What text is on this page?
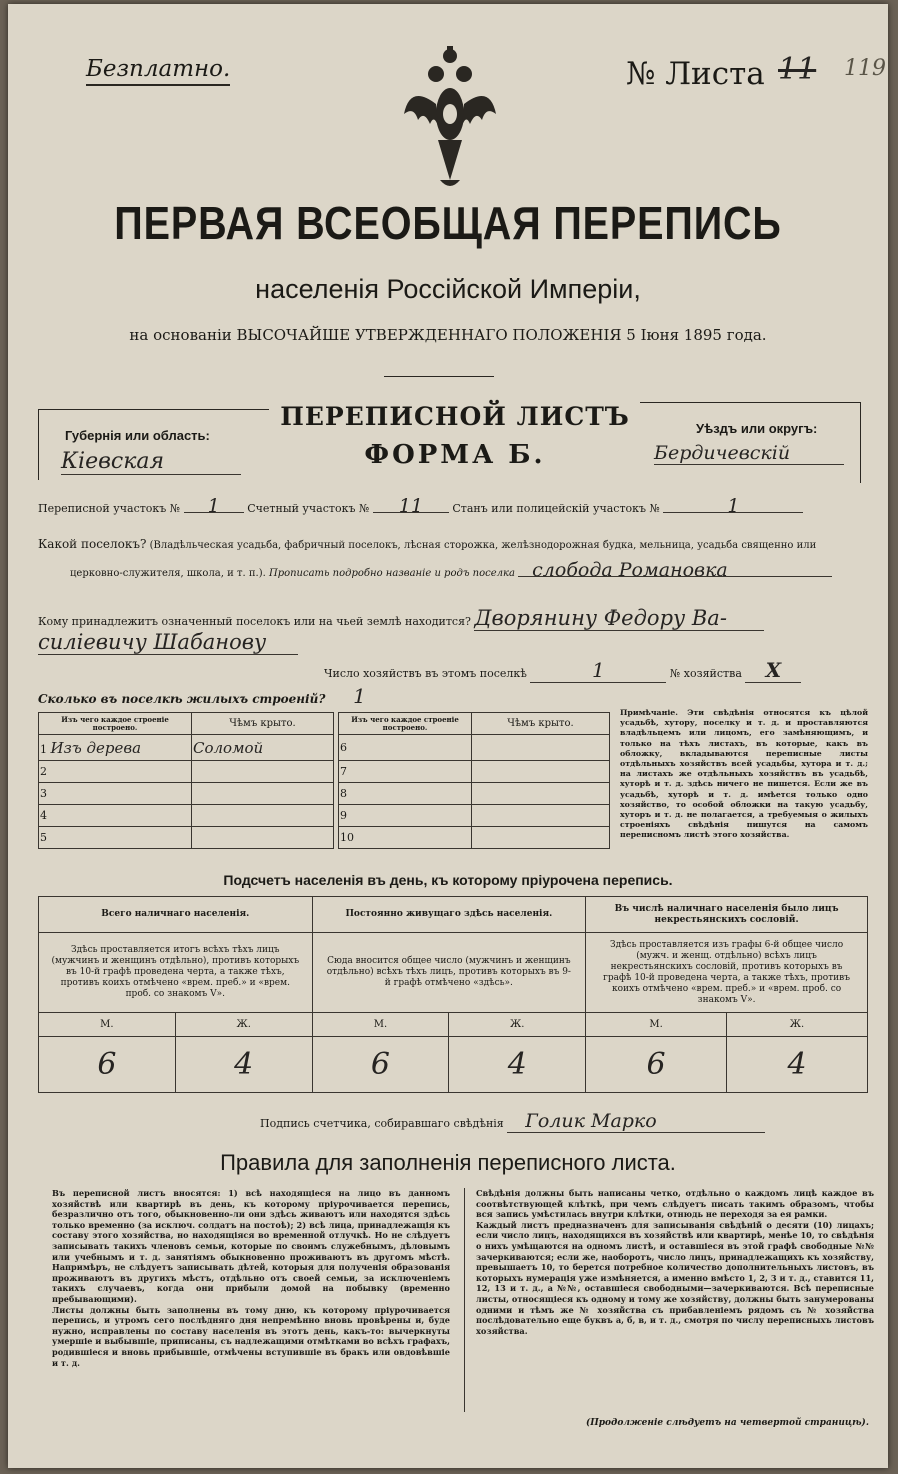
Безплатно.	№ Листа 11 119
ПЕРВАЯ ВСЕОБЩАЯ ПЕРЕПИСЬ
населенія Россійской Имперіи,
на основаніи ВЫСОЧАЙШЕ УТВЕРЖДЕННАГО ПОЛОЖЕНІЯ 5 Іюня 1895 года.
Губернія или область:
Кіевская
ПЕРЕПИСНОЙ ЛИСТЪ
ФОРМА Б.
Уѣздъ или округъ:
Бердичевскій
Переписной участокъ № 1 Счетный участокъ № 11	Станъ или полицейскій участокъ №	1
Какой поселокъ? (Владѣльческая усадьба, фабричный поселокъ, лѣсная сторожка, желѣзнодорожная будка, мельница, усадьба священно или
церковно-служителя, школа, и т. п.). Прописать подробно названіе и родъ поселка слобода Романовка
Кому принадлежитъ означенный поселокъ или на чьей землѣ находится? Дворянину Федору Ва-
силіевичу Шабанову
Число хозяйствъ въ этомъ поселкѣ	1	№ хозяйства X
Сколько въ поселкѣ жилыхъ строеній? 1
Изъ чего каждое строеніе построено.	Чѣмъ крыто.
1 Изъ дерева	Соломой
2	
3	
4	
5	
Изъ чего каждое строеніе построено.	Чѣмъ крыто.
6	
7	
8	
9	
10	
Примѣчаніе. Эти свѣдѣнія относятся къ цѣлой усадьбѣ, хутору, поселку и т. д. и проставляются владѣльцемъ или лицомъ, его замѣняющимъ, и только на тѣхъ листахъ, въ которые, какъ въ обложку, вкладываются переписные листы отдѣльныхъ хозяйствъ всей усадьбы, хутора и т. д.; на листахъ же отдѣльныхъ хозяйствъ въ усадьбѣ, хуторѣ и т. д. здѣсь ничего не пишется. Если же въ усадьбѣ, хуторѣ и т. д. имѣется только одно хозяйство, то особой обложки на такую усадьбу, хуторъ и т. д. не полагается, а требуемыя о жилыхъ строеніяхъ свѣдѣнія пишутся на самомъ переписномъ листѣ этого хозяйства.
Подсчетъ населенія въ день, къ которому пріурочена перепись.
Всего наличнаго населенія.		Постоянно живущаго здѣсь населенія.		Въ числѣ наличнаго населенія было лицъ некрестьянскихъ сословій.	
Здѣсь проставляется итогъ всѣхъ тѣхъ лицъ (мужчинъ и женщинъ отдѣльно), противъ которыхъ въ 10-й графѣ проведена черта, а также тѣхъ, противъ коихъ отмѣчено «врем. преб.» и «врем. проб. со знакомъ V».		Сюда вносится общее число (мужчинъ и женщинъ отдѣльно) всѣхъ тѣхъ лицъ, противъ которыхъ въ 9-й графѣ отмѣчено «здѣсь».		Здѣсь проставляется изъ графы 6-й общее число (мужч. и женщ. отдѣльно) всѣхъ лицъ некрестьянскихъ сословій, противъ которыхъ въ графѣ 10-й проведена черта, а также тѣхъ, противъ коихъ отмѣчено «врем. преб.» и «врем. проб. со знакомъ V».	
М.	Ж.	М.	Ж.	М.	Ж.
6	4	6	4	6	4
Подпись счетчика, собиравшаго свѣдѣнія Голик Марко
Правила для заполненія переписного листа.
Въ переписной листъ вносятся: 1) всѣ находящіеся на лицо въ данномъ хозяйствѣ или квартирѣ въ день, къ которому пріурочивается перепись, безразлично отъ того, обыкновенно-ли они здѣсь живаютъ или находятся здѣсь только временно (за исключ. солдатъ на постоѣ); 2) всѣ лица, принадлежащія къ составу этого хозяйства, но находящіяся во временной отлучкѣ. Но не слѣдуетъ записывать такихъ членовъ семьи, которые по своимъ служебнымъ, дѣловымъ или учебнымъ и т. д. занятіямъ обыкновенно проживаютъ въ другомъ мѣстѣ. Напримѣръ, не слѣдуетъ записывать дѣтей, которыя для полученія образованія проживаютъ въ другихъ мѣстъ, отдѣльно отъ своей семьи, за исключеніемъ такихъ случаевъ, когда они прибыли домой на побывку (временно пребывающими).
Листы должны быть заполнены въ тому дню, къ которому пріурочивается перепись, и утромъ сего послѣдняго дня непремѣнно вновь провѣрены и, буде нужно, исправлены по составу населенія въ этотъ день, какъ-то: вычеркнуты умершіе и выбывшіе, приписаны, съ надлежащими отмѣтками во всѣхъ графахъ, родившіеся и вновь прибывшіе, отмѣчены вступившіе въ бракъ или овдовѣвшіе и т. д.
Свѣдѣнія должны быть написаны четко, отдѣльно о каждомъ лицѣ каждое въ соотвѣтствующей клѣткѣ, при чемъ слѣдуетъ писать такимъ образомъ, чтобы вся запись умѣстилась внутри клѣтки, отнюдь не переходя за ея рамки.
Каждый листъ предназначенъ для записыванія свѣдѣній о десяти (10) лицахъ; если число лицъ, находящихся въ хозяйствѣ или квартирѣ, менѣе 10, то свѣдѣнія о нихъ умѣщаются на одномъ листѣ, и оставшіеся въ этой графѣ свободные №№ зачеркиваются; если же, наоборотъ, число лицъ, принадлежащихъ къ хозяйству, превышаетъ 10, то берется потребное количество дополнительныхъ листовъ, въ которыхъ нумерація уже измѣняется, а именно вмѣсто 1, 2, 3 и т. д., ставится 11, 12, 13 и т. д., а №№, оставшіеся свободными—зачеркиваются. Всѣ переписные листы, относящіеся къ одному и тому же хозяйству, должны быть занумерованы одними и тѣмъ же № хозяйства съ прибавленіемъ рядомъ съ № хозяйства послѣдовательно еще буквъ а, б, в, и т. д., смотря по числу переписныхъ листовъ хозяйства.
(Продолженіе слѣдуетъ на четвертой страницѣ).
